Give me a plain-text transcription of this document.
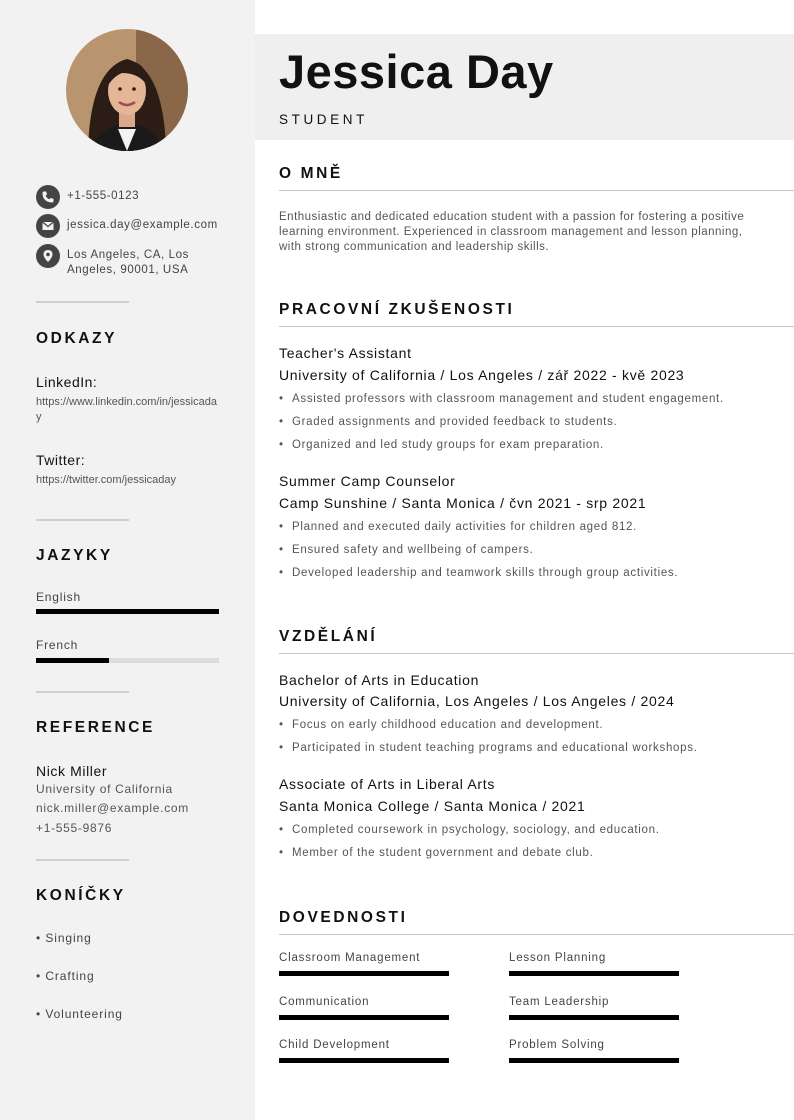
+1-555-0123
jessica.day@example.com
Los Angeles, CA, Los
Angeles, 90001, USA
ODKAZY
LinkedIn:
https://www.linkedin.com/in/jessicaday
Twitter:
https://twitter.com/jessicaday
JAZYKY
English
French
REFERENCE
Nick Miller
University of California
nick.miller@example.com
+1-555-9876
KONÍČKY
• Singing
• Crafting
• Volunteering
Jessica Day
STUDENT
O MNĚ
Enthusiastic and dedicated education student with a passion for fostering a positive learning environment. Experienced in classroom management and lesson planning, with strong communication and leadership skills.
PRACOVNÍ ZKUŠENOSTI
Teacher's Assistant
University of California / Los Angeles / zář 2022 - kvě 2023
• Assisted professors with classroom management and student engagement.
• Graded assignments and provided feedback to students.
• Organized and led study groups for exam preparation.
Summer Camp Counselor
Camp Sunshine / Santa Monica / čvn 2021 - srp 2021
• Planned and executed daily activities for children aged 812.
• Ensured safety and wellbeing of campers.
• Developed leadership and teamwork skills through group activities.
VZDĚLÁNÍ
Bachelor of Arts in Education
University of California, Los Angeles / Los Angeles / 2024
• Focus on early childhood education and development.
• Participated in student teaching programs and educational workshops.
Associate of Arts in Liberal Arts
Santa Monica College / Santa Monica / 2021
• Completed coursework in psychology, sociology, and education.
• Member of the student government and debate club.
DOVEDNOSTI
Classroom Management	Lesson Planning
Communication	Team Leadership
Child Development	Problem Solving
